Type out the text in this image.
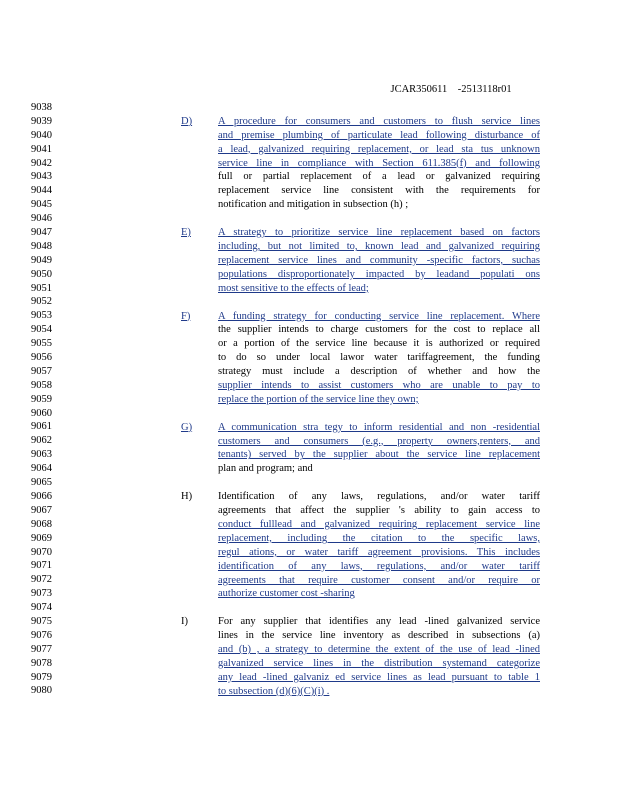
JCAR350611 -2513118r01

9038
9039
9040
9041
9042
9043
9044
9045
9046
9047
9048
9049
9050
9051
9052
9053
9054
9055
9056
9057
9058
9059
9060
9061
9062
9063
9064
9065
9066
9067
9068
9069
9070
9071
9072
9073
9074
9075
9076
9077
9078
9079
9080
D)	A procedure for consumers and customers to flush service lines
and premise plumbing of particulate lead following disturbance of
a lead, galvanized requiring replacement, or lead sta tus unknown
service line in compliance with Section 611.385(f) and following
full or partial replacement of a lead or galvanized requiring
replacement service line consistent with the requirements for
notification and mitigation in subsection (h) ;
E)	A strategy to prioritize service line replacement based on factors
including, but not limited to, known lead and galvanized requiring
replacement service lines and community -specific factors, suchas
populations disproportionately impacted by leadand populati ons
most sensitive to the effects of lead;
F)	A funding strategy for conducting service line replacement. Where
the supplier intends to charge customers for the cost to replace all
or a portion of the service line because it is authorized or required
to do so under local lawor water tariffagreement, the funding
strategy must include a description of whether and how the
supplier intends to assist customers who are unable to pay to
replace the portion of the service line they own;
G)	A communication stra tegy to inform residential and non -residential
customers and consumers (e.g., property owners,renters, and
tenants) served by the supplier about the service line replacement
plan and program; and
H)	Identification of any laws, regulations, and/or water tariff
agreements that affect the supplier 's ability to gain access to
conduct fulllead and galvanized requiring replacement service line
replacement, including the citation to the specific laws,
regul ations, or water tariff agreement provisions. This includes
identification of any laws, regulations, and/or water tariff
agreements that require customer consent and/or require or
authorize customer cost -sharing
I)	For any supplier that identifies any lead -lined galvanized service
lines in the service line inventory as described in subsections (a)
and (b) , a strategy to determine the extent of the use of lead -lined
galvanized service lines in the distribution systemand categorize
any lead -lined galvaniz ed service lines as lead pursuant to table 1
to subsection (d)(6)(C)(i) .
